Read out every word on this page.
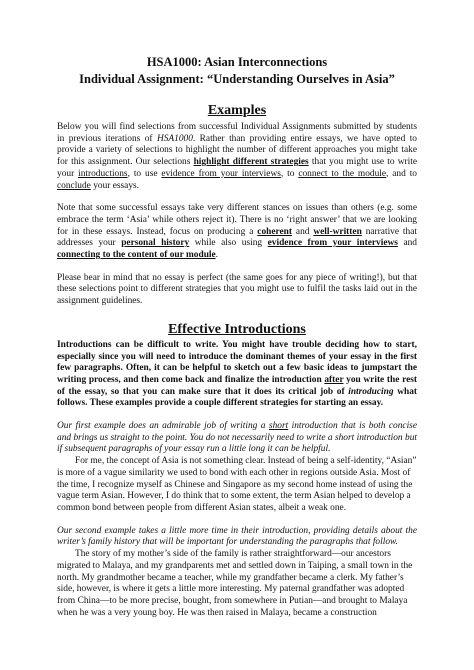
HSA1000: Asian Interconnections
Individual Assignment: “Understanding Ourselves in Asia”
Examples

Below you will find selections from successful Individual Assignments submitted by students in previous iterations of HSA1000. Rather than providing entire essays, we have opted to provide a variety of selections to highlight the number of different approaches you might take for this assignment. Our selections highlight different strategies that you might use to write your introductions, to use evidence from your interviews, to connect to the module, and to conclude your essays.

Note that some successful essays take very different stances on issues than others (e.g. some embrace the term ‘Asia’ while others reject it). There is no ‘right answer’ that we are looking for in these essays. Instead, focus on producing a coherent and well-written narrative that addresses your personal history while also using evidence from your interviews and connecting to the content of our module.

Please bear in mind that no essay is perfect (the same goes for any piece of writing!), but that these selections point to different strategies that you might use to fulfil the tasks laid out in the assignment guidelines.

Effective Introductions

Introductions can be difficult to write. You might have trouble deciding how to start, especially since you will need to introduce the dominant themes of your essay in the first few paragraphs. Often, it can be helpful to sketch out a few basic ideas to jumpstart the writing process, and then come back and finalize the introduction after you write the rest of the essay, so that you can make sure that it does its critical job of introducing what follows. These examples provide a couple different strategies for starting an essay.

Our first example does an admirable job of writing a short introduction that is both concise and brings us straight to the point. You do not necessarily need to write a short introduction but if subsequent paragraphs of your essay run a little long it can be helpful.

For me, the concept of Asia is not something clear. Instead of being a self-identity, “Asian” is more of a vague similarity we used to bond with each other in regions outside Asia. Most of the time, I recognize myself as Chinese and Singapore as my second home instead of using the vague term Asian. However, I do think that to some extent, the term Asian helped to develop a common bond between people from different Asian states, albeit a weak one.

Our second example takes a little more time in their introduction, providing details about the writer’s family history that will be important for understanding the paragraphs that follow.

The story of my mother’s side of the family is rather straightforward—our ancestors migrated to Malaya, and my grandparents met and settled down in Taiping, a small town in the north. My grandmother became a teacher, while my grandfather became a clerk. My father’s side, however, is where it gets a little more interesting. My paternal grandfather was adopted from China—to be more precise, bought, from somewhere in Putian—and brought to Malaya when he was a very young boy. He was then raised in Malaya, became a construction
